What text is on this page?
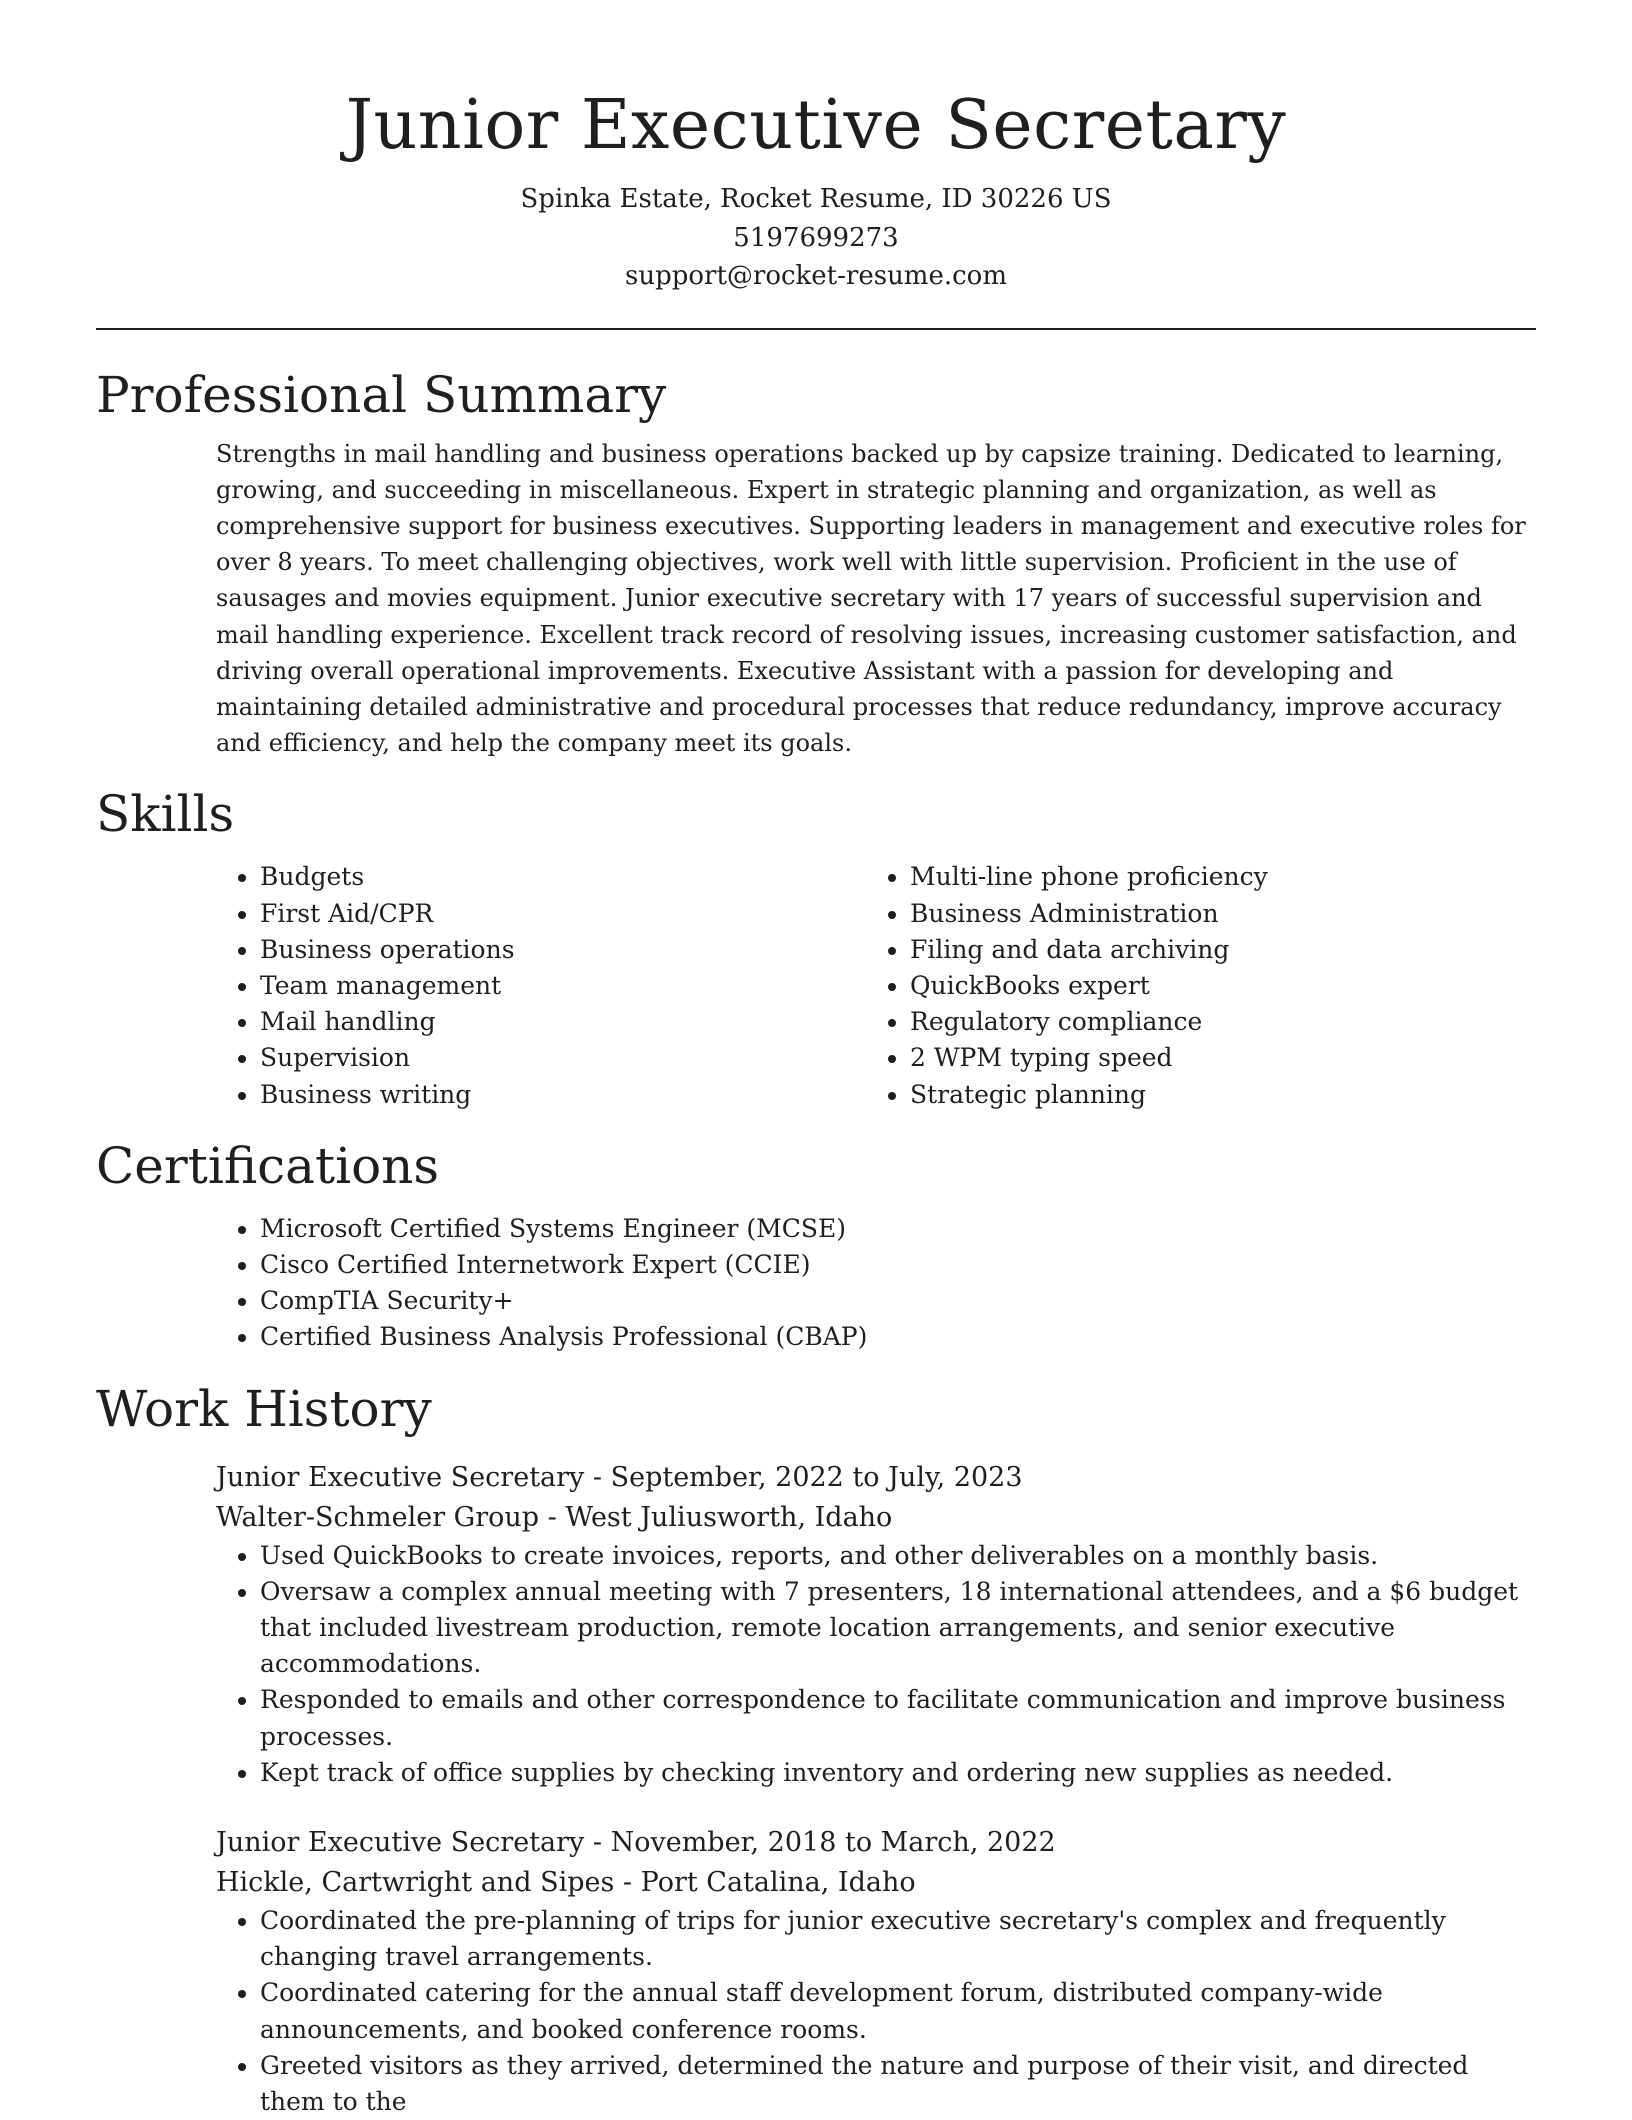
Junior Executive Secretary
Spinka Estate, Rocket Resume, ID 30226 US
5197699273
support@rocket-resume.com
Professional Summary

Strengths in mail handling and business operations backed up by capsize training. Dedicated to learning, growing, and succeeding in miscellaneous. Expert in strategic planning and organization, as well as comprehensive support for business executives. Supporting leaders in management and executive roles for over 8 years. To meet challenging objectives, work well with little supervision. Proficient in the use of sausages and movies equipment. Junior executive secretary with 17 years of successful supervision and mail handling experience. Excellent track record of resolving issues, increasing customer satisfaction, and driving overall operational improvements. Executive Assistant with a passion for developing and maintaining detailed administrative and procedural processes that reduce redundancy, improve accuracy and efficiency, and help the company meet its goals.

Skills
• Budgets
• First Aid/CPR
• Business operations
• Team management
• Mail handling
• Supervision
• Business writing
• Multi-line phone proficiency
• Business Administration
• Filing and data archiving
• QuickBooks expert
• Regulatory compliance
• 2 WPM typing speed
• Strategic planning
Certifications
• Microsoft Certified Systems Engineer (MCSE)
• Cisco Certified Internetwork Expert (CCIE)
• CompTIA Security+
• Certified Business Analysis Professional (CBAP)
Work History
Junior Executive Secretary - September, 2022 to July, 2023
Walter-Schmeler Group - West Juliusworth, Idaho
• Used QuickBooks to create invoices, reports, and other deliverables on a monthly basis.
• Oversaw a complex annual meeting with 7 presenters, 18 international attendees, and a $6 budget that included livestream production, remote location arrangements, and senior executive accommodations.
• Responded to emails and other correspondence to facilitate communication and improve business processes.
• Kept track of office supplies by checking inventory and ordering new supplies as needed.
Junior Executive Secretary - November, 2018 to March, 2022
Hickle, Cartwright and Sipes - Port Catalina, Idaho
• Coordinated the pre-planning of trips for junior executive secretary's complex and frequently changing travel arrangements.
• Coordinated catering for the annual staff development forum, distributed company-wide announcements, and booked conference rooms.
• Greeted visitors as they arrived, determined the nature and purpose of their visit, and directed them to the
